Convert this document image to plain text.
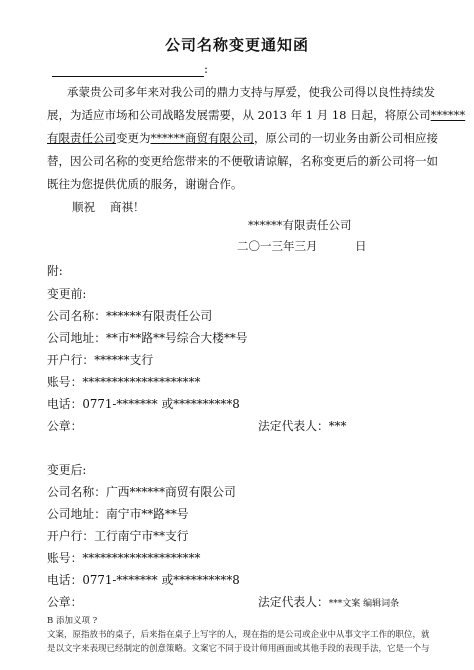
公司名称变更通知函
:
承蒙贵公司多年来对我公司的鼎力支持与厚爱，使我公司得以良性持续发
展，为适应市场和公司战略发展需要，从 2013 年 1 月 18 日起，将原公司******
有限责任公司变更为******商贸有限公司，原公司的一切业务由新公司相应接
替，因公司名称的变更给您带来的不便敬请谅解，名称变更后的新公司将一如
既往为您提供优质的服务，谢谢合作。
顺祝 商祺！
******有限责任公司
二〇一三年三月	日
附:
变更前:
公司名称：******有限责任公司
公司地址：**市**路**号综合大楼**号
开户行：******支行
账号：********************
电话：0771-******* 或**********8
公章：	法定代表人：***
变更后:
公司名称：广西******商贸有限公司
公司地址：南宁市**路**号
开户行：工行南宁市**支行
账号：********************
电话：0771-******* 或**********8
公章：	法定代表人：***文案 编辑词条
B 添加义项 ?
文案，原指放书的桌子，后来指在桌子上写字的人，现在指的是公司或企业中从事文字工作的职位，就
是以文字来表现已经制定的创意策略。文案它不同于设计师用画面或其他手段的表现手法，它是一个与
